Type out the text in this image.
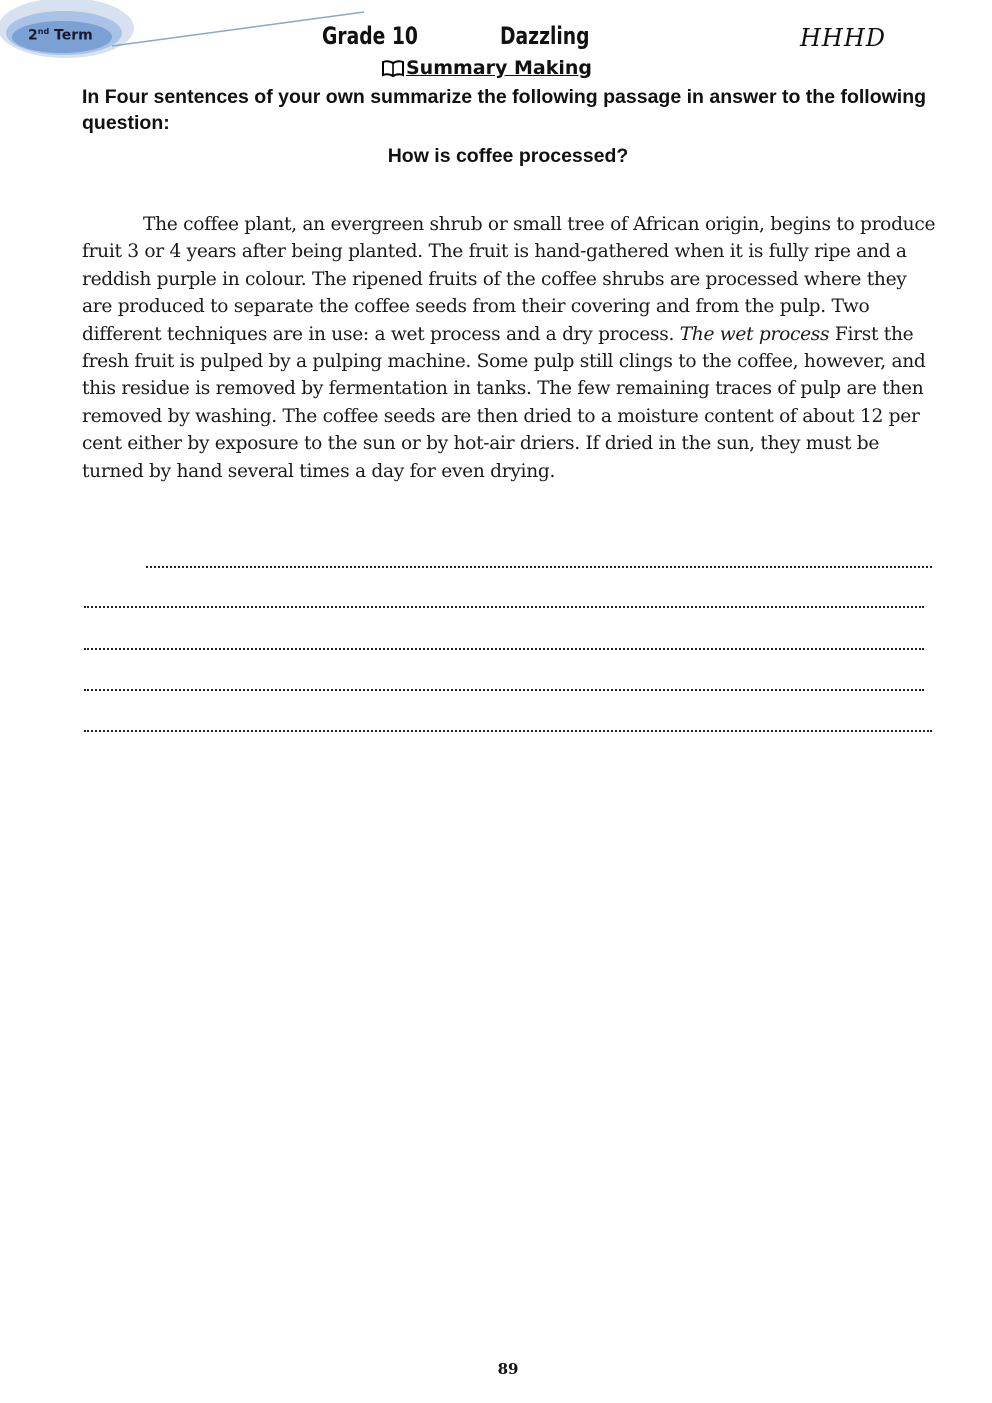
2nd Term	Grade 10	Dazzling	HHHD
Summary Making

In Four sentences of your own summarize the following passage in answer to the following question:

How is coffee processed?

The coffee plant, an evergreen shrub or small tree of African origin, begins to produce fruit 3 or 4 years after being planted. The fruit is hand-gathered when it is fully ripe and a reddish purple in colour. The ripened fruits of the coffee shrubs are processed where they are produced to separate the coffee seeds from their covering and from the pulp. Two different techniques are in use: a wet process and a dry process. The wet process First the fresh fruit is pulped by a pulping machine. Some pulp still clings to the coffee, however, and this residue is removed by fermentation in tanks. The few remaining traces of pulp are then removed by washing. The coffee seeds are then dried to a moisture content of about 12 per cent either by exposure to the sun or by hot-air driers. If dried in the sun, they must be turned by hand several times a day for even drying.

89
